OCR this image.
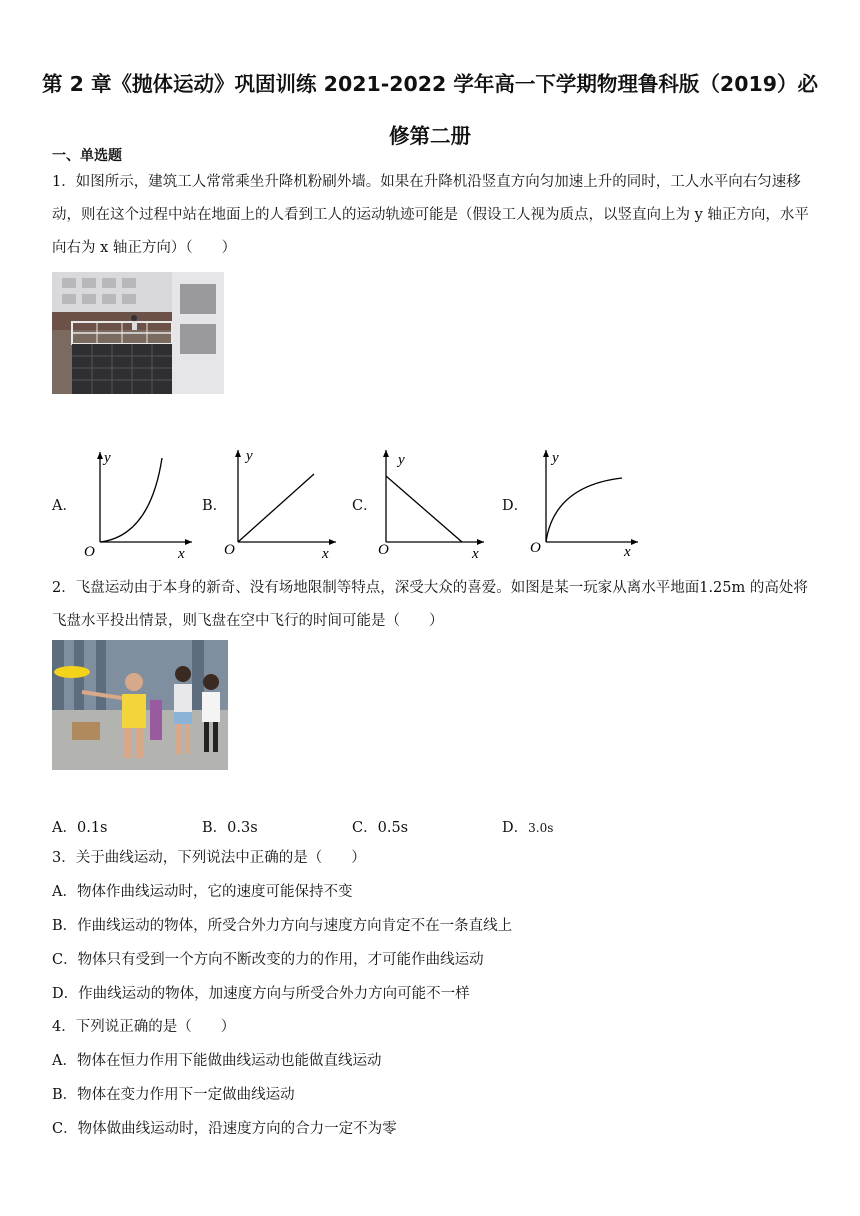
第 2 章《抛体运动》巩固训练 2021-2022 学年高一下学期物理鲁科版（2019）必
修第二册
一、单选题
1．如图所示，建筑工人常常乘坐升降机粉刷外墙。如果在升降机沿竖直方向匀加速上升的同时，工人水平向右匀速移动，则在这个过程中站在地面上的人看到工人的运动轨迹可能是（假设工人视为质点，以竖直向上为 y 轴正方向，水平向右为 x 轴正方向）（　　）
A．	B．	C．	D．
y
x
O
y
x
O
y
x
O
y
x
O
2．飞盘运动由于本身的新奇、没有场地限制等特点，深受大众的喜爱。如图是某一玩家从离水平地面1.25m 的高处将飞盘水平投出情景，则飞盘在空中飞行的时间可能是（　　）
A．0.1s	B．0.3s	C．0.5s	D．3.0s
3．关于曲线运动，下列说法中正确的是（　　）
A．物体作曲线运动时，它的速度可能保持不变
B．作曲线运动的物体，所受合外力方向与速度方向肯定不在一条直线上
C．物体只有受到一个方向不断改变的力的作用，才可能作曲线运动
D．作曲线运动的物体，加速度方向与所受合外力方向可能不一样
4．下列说正确的是（　　）
A．物体在恒力作用下能做曲线运动也能做直线运动
B．物体在变力作用下一定做曲线运动
C．物体做曲线运动时，沿速度方向的合力一定不为零
